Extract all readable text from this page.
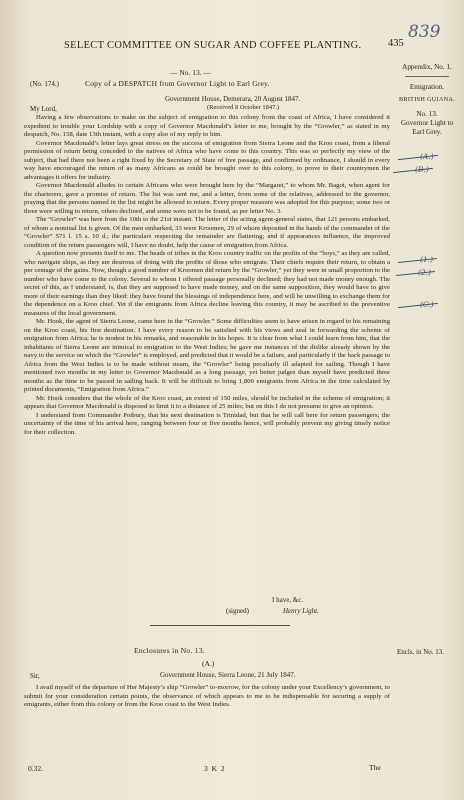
SELECT COMMITTEE ON SUGAR AND COFFEE PLANTING.	435
839
Appendix, No. 1.
Emigration.
BRITISH GUIANA.
No. 13.
Governor Light to Earl Grey.
(A.)
(B.)
(1.)
(2.)
(C.)
— No. 13. —
(No. 174.)	Copy of a DESPATCH from Governor Light to Earl Grey.
Government House, Demerara, 20 August 1847.
My Lord,	(Received 8 October 1847.)

Having a few observations to make on the subject of emigration to this colony from the coast of Africa, I have considered it expedient to trouble your Lordship with a copy of Governor Macdonald’s letter to me, brought by the “Growler,” as stated in my despatch, No. 158, date 13th instant, with a copy also of my reply to him.

Governor Macdonald’s letter lays great stress on the success of emigration from Sierra Leone and the Kroo coast, from a liberal permission of return being conceded to the natives of Africa who have come to this country. This was so perfectly my view of the subject, that had there not been a right fixed by the Secretary of State of free passage, and confirmed by ordinance, I should in every way have encouraged the return of as many Africans as could be brought over to this colony, to prove to their countrymen the advantages it offers for industry.

Governor Macdonald alludes to certain Africans who were brought here by the “Margaret,” to whom Mr. Bagot, when agent for the charterers, gave a promise of return. The list was sent me, and a letter, from some of the relatives, addressed to the governor, praying that the persons named in the list might be allowed to return. Every proper measure was adopted for this purpose; some two or three were willing to return, others declined, and some were not to be found, as per letter No. 3.

The “Growler” was here from the 10th to the 21st instant. The letter of the acting agent-general states, that 121 persons embarked, of whom a nominal list is given. Of the men embarked, 33 were Kroomen, 29 of whom deposited in the hands of the commander of the “Growler” 571 l. 15 s. 10 d.; the particulars respecting the remainder are flattering; and if appearances influence, the improved condition of the return passengers will, I have no doubt, help the cause of emigration from Africa.

A question now presents itself to me. The heads of tribes in the Kroo country traffic on the profits of the “boys,” as they are called, who navigate ships, as they are desirous of doing with the profits of those who emigrate. Their chiefs require their return, to obtain a per centage of the gains. Now, though a good number of Kroomen did return by the “Growler,” yet they were in small proportion to the number who have come to the colony. Several to whom I offered passage personally declined; they had not made money enough. The secret of this, as I understand, is, that they are supposed to have made money, and on the same supposition, they would have to give more of their earnings than they liked: they have found the blessings of independence here, and will be unwilling to exchange them for the dependence on a Kroo chief. Yet if the emigrants from Africa decline leaving this country, it may be ascribed to the preventive measures of the local government.

Mr. Hook, the agent of Sierra Leone, came here in the “Growler.” Some difficulties seem to have arisen in regard to his remaining on the Kroo coast, his first destination. I have every reason to be satisfied with his views and zeal in forwarding the scheme of emigration from Africa; he is modest in his remarks, and reasonable in his hopes. It is clear from what I could learn from him, that the inhabitants of Sierra Leone are inimical to emigration to the West Indies; he gave me instances of the dislike already shown by the navy to the service on which the “Growler” is employed, and predicted that it would be a failure, and particularly if the back passage to Africa from the West Indies is to be made without steam, the “Growler” being peculiarly ill adapted for sailing. Though I have mentioned two months in my letter to Governor Macdonald as a long passage, yet better judges than myself have predicted three months as the time to be passed in sailing back. It will be difficult to bring 1,800 emigrants from Africa in the time calculated by printed documents, “Emigration from Africa.”

Mr. Hook considers that the whole of the Kroo coast, an extent of 150 miles, should be included in the scheme of emigration; it appears that Governor Macdonald is disposed to limit it to a distance of 25 miles; but on this I do not presume to give an opinion.

I understand from Commander Potbury, that his next destination is Trinidad, but that he will call here for return passengers; the uncertainty of the time of his arrival here, ranging between four or five months hence, will probably prevent my giving timely notice for their collection.

I have, &c.
(signed)	Henry Light.
Enclosures in No. 13.	Encls. in No. 13.
(A.)
Sir,	Government House, Sierra Leone, 21 July 1847.

I avail myself of the departure of Her Majesty’s ship “Growler” to-morrow, for the colony under your Excellency’s government, to submit for your consideration certain points, the observance of which appears to me to be indispensable for securing a supply of emigrants, either from this colony or from the Kroo coast to the West Indies.

0.32.	3 K 2	The
